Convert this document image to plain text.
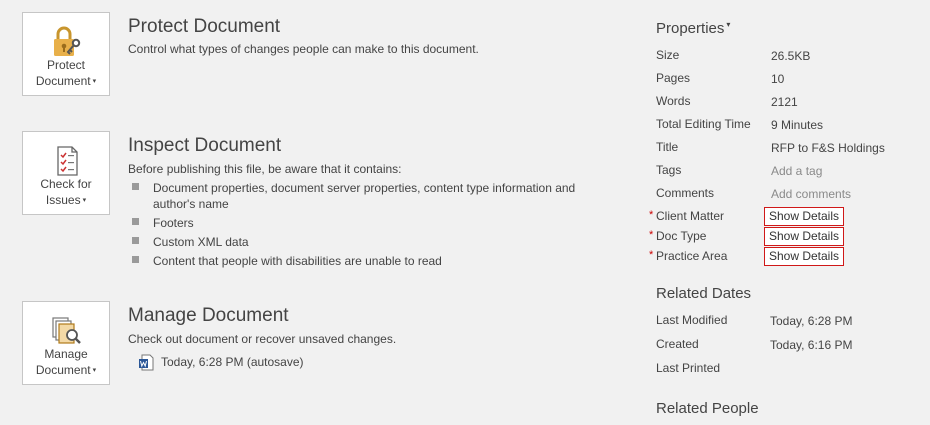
Protect
Document ▾
Protect Document
Control what types of changes people can make to this document.
Check for
Issues ▾
Inspect Document
Before publishing this file, be aware that it contains:
Document properties, document server properties, content type information and
author's name
Footers
Custom XML data
Content that people with disabilities are unable to read
Manage
Document ▾
Manage Document
Check out document or recover unsaved changes.
Today, 6:28 PM (autosave)
Properties ▾
Size	26.5KB
Pages	10
Words	2121
Total Editing Time 9 Minutes
Title	RFP to F&S Holdings
Tags	Add a tag
Comments	Add comments
* Client Matter	Show Details
* Doc Type	Show Details
* Practice Area	Show Details
Related Dates
Last Modified	Today, 6:28 PM
Created	Today, 6:16 PM
Last Printed
Related People
